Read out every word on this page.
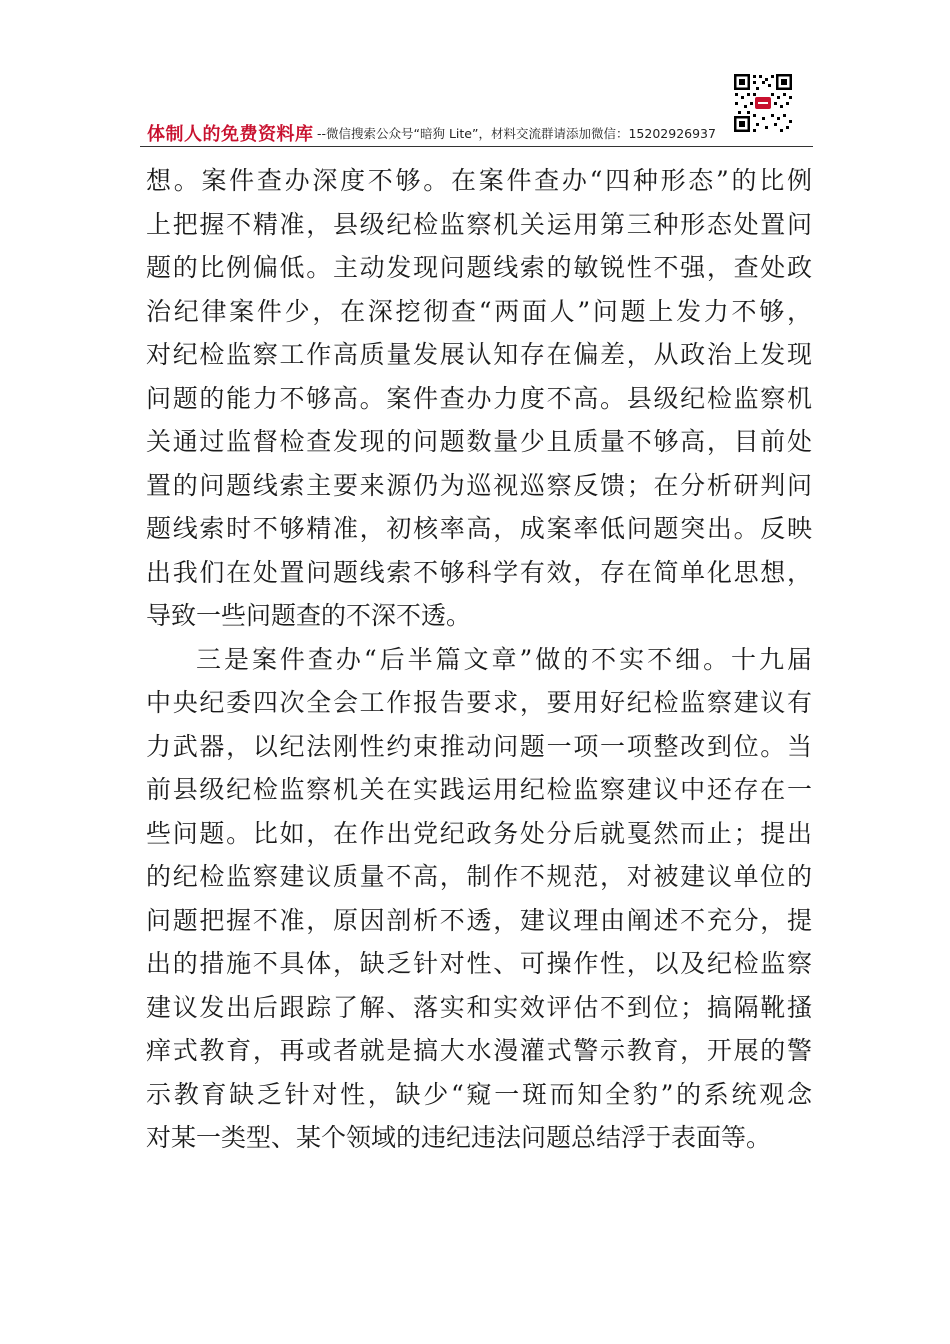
体制人的免费资料库 --微信搜索公众号“暗狗 Lite”，材料交流群请添加微信：15202926937
想。案件查办深度不够。在案件查办“四种形态”的比例
上把握不精准，县级纪检监察机关运用第三种形态处置问
题的比例偏低。主动发现问题线索的敏锐性不强，查处政
治纪律案件少，在深挖彻查“两面人”问题上发力不够，
对纪检监察工作高质量发展认知存在偏差，从政治上发现
问题的能力不够高。案件查办力度不高。县级纪检监察机
关通过监督检查发现的问题数量少且质量不够高，目前处
置的问题线索主要来源仍为巡视巡察反馈；在分析研判问
题线索时不够精准，初核率高，成案率低问题突出。反映
出我们在处置问题线索不够科学有效，存在简单化思想，
导致一些问题查的不深不透。
三是案件查办“后半篇文章”做的不实不细。十九届
中央纪委四次全会工作报告要求，要用好纪检监察建议有
力武器，以纪法刚性约束推动问题一项一项整改到位。当
前县级纪检监察机关在实践运用纪检监察建议中还存在一
些问题。比如，在作出党纪政务处分后就戛然而止；提出
的纪检监察建议质量不高，制作不规范，对被建议单位的
问题把握不准，原因剖析不透，建议理由阐述不充分，提
出的措施不具体，缺乏针对性、可操作性，以及纪检监察
建议发出后跟踪了解、落实和实效评估不到位；搞隔靴搔
痒式教育，再或者就是搞大水漫灌式警示教育，开展的警
示教育缺乏针对性，缺少“窥一斑而知全豹”的系统观念
对某一类型、某个领域的违纪违法问题总结浮于表面等。
